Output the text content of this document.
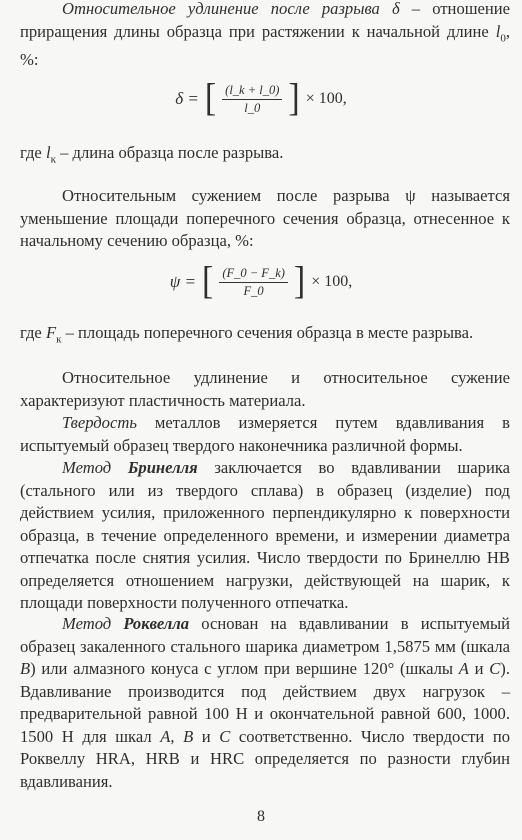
Относительное удлинение после разрыва δ – отношение приращения длины образца при растяжении к начальной длине $l_0$, %:

δ = [ $\frac{(l\_k + l\_0)}{l\_0}$ ] × 100,

где $l_к$ – длина образца после разрыва.

Относительным сужением после разрыва ψ называется уменьшение площади поперечного сечения образца, отнесенное к начальному сечению образца, %:

ψ = [ $\frac{(F\_0 - F\_k)}{F\_0}$ ] × 100,

где $F_к$ – площадь поперечного сечения образца в месте разрыва.

Относительное удлинение и относительное сужение характеризуют пластичность материала.

Твердость металлов измеряется путем вдавливания в испытуемый образец твердого наконечника различной формы.

Метод Бринелля заключается во вдавливании шарика (стального или из твердого сплава) в образец (изделие) под действием усилия, приложенного перпендикулярно к поверхности образца, в течение определенного времени, и измерении диаметра отпечатка после снятия усилия. Число твердости по Бринеллю HB определяется отношением нагрузки, действующей на шарик, к площади поверхности полученного отпечатка.

Метод Роквелла основан на вдавливании в испытуемый образец закаленного стального шарика диаметром 1,5875 мм (шкала B) или алмазного конуса с углом при вершине 120° (шкалы A и C). Вдавливание производится под действием двух нагрузок – предварительной равной 100 Н и окончательной равной 600, 1000. 1500 Н для шкал A, B и C соответственно. Число твердости по Роквеллу HRA, HRB и HRC определяется по разности глубин вдавливания.

8
